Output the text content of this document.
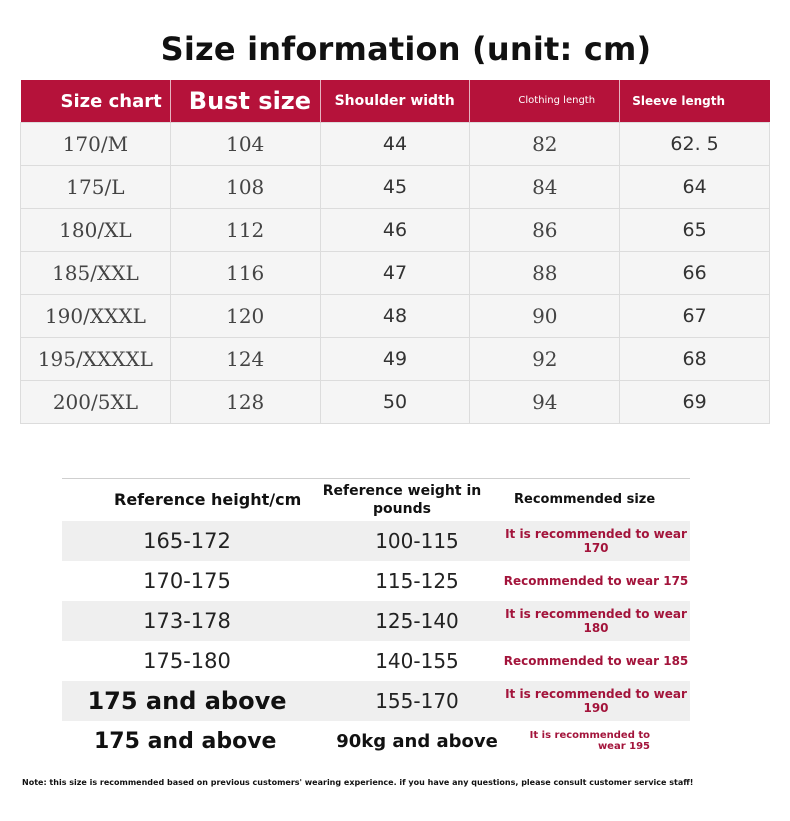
Size information (unit: cm)
Size chart	Bust size	Shoulder width	Clothing length	Sleeve length
170/M	104	44	82	62. 5
175/L	108	45	84	64
180/XL	112	46	86	65
185/XXL	116	47	88	66
190/XXXL	120	48	90	67
195/XXXXL	124	49	92	68
200/5XL	128	50	94	69
Reference height/cm	Reference weight in pounds	Recommended size
165-172	100-115	It is recommended to wear 170
170-175	115-125	Recommended to wear 175
173-178	125-140	It is recommended to wear 180
175-180	140-155	Recommended to wear 185
175 and above	155-170	It is recommended to wear 190
175 and above	90kg and above	It is recommended to wear 195
Note: this size is recommended based on previous customers' wearing experience. if you have any questions, please consult customer service staff!
